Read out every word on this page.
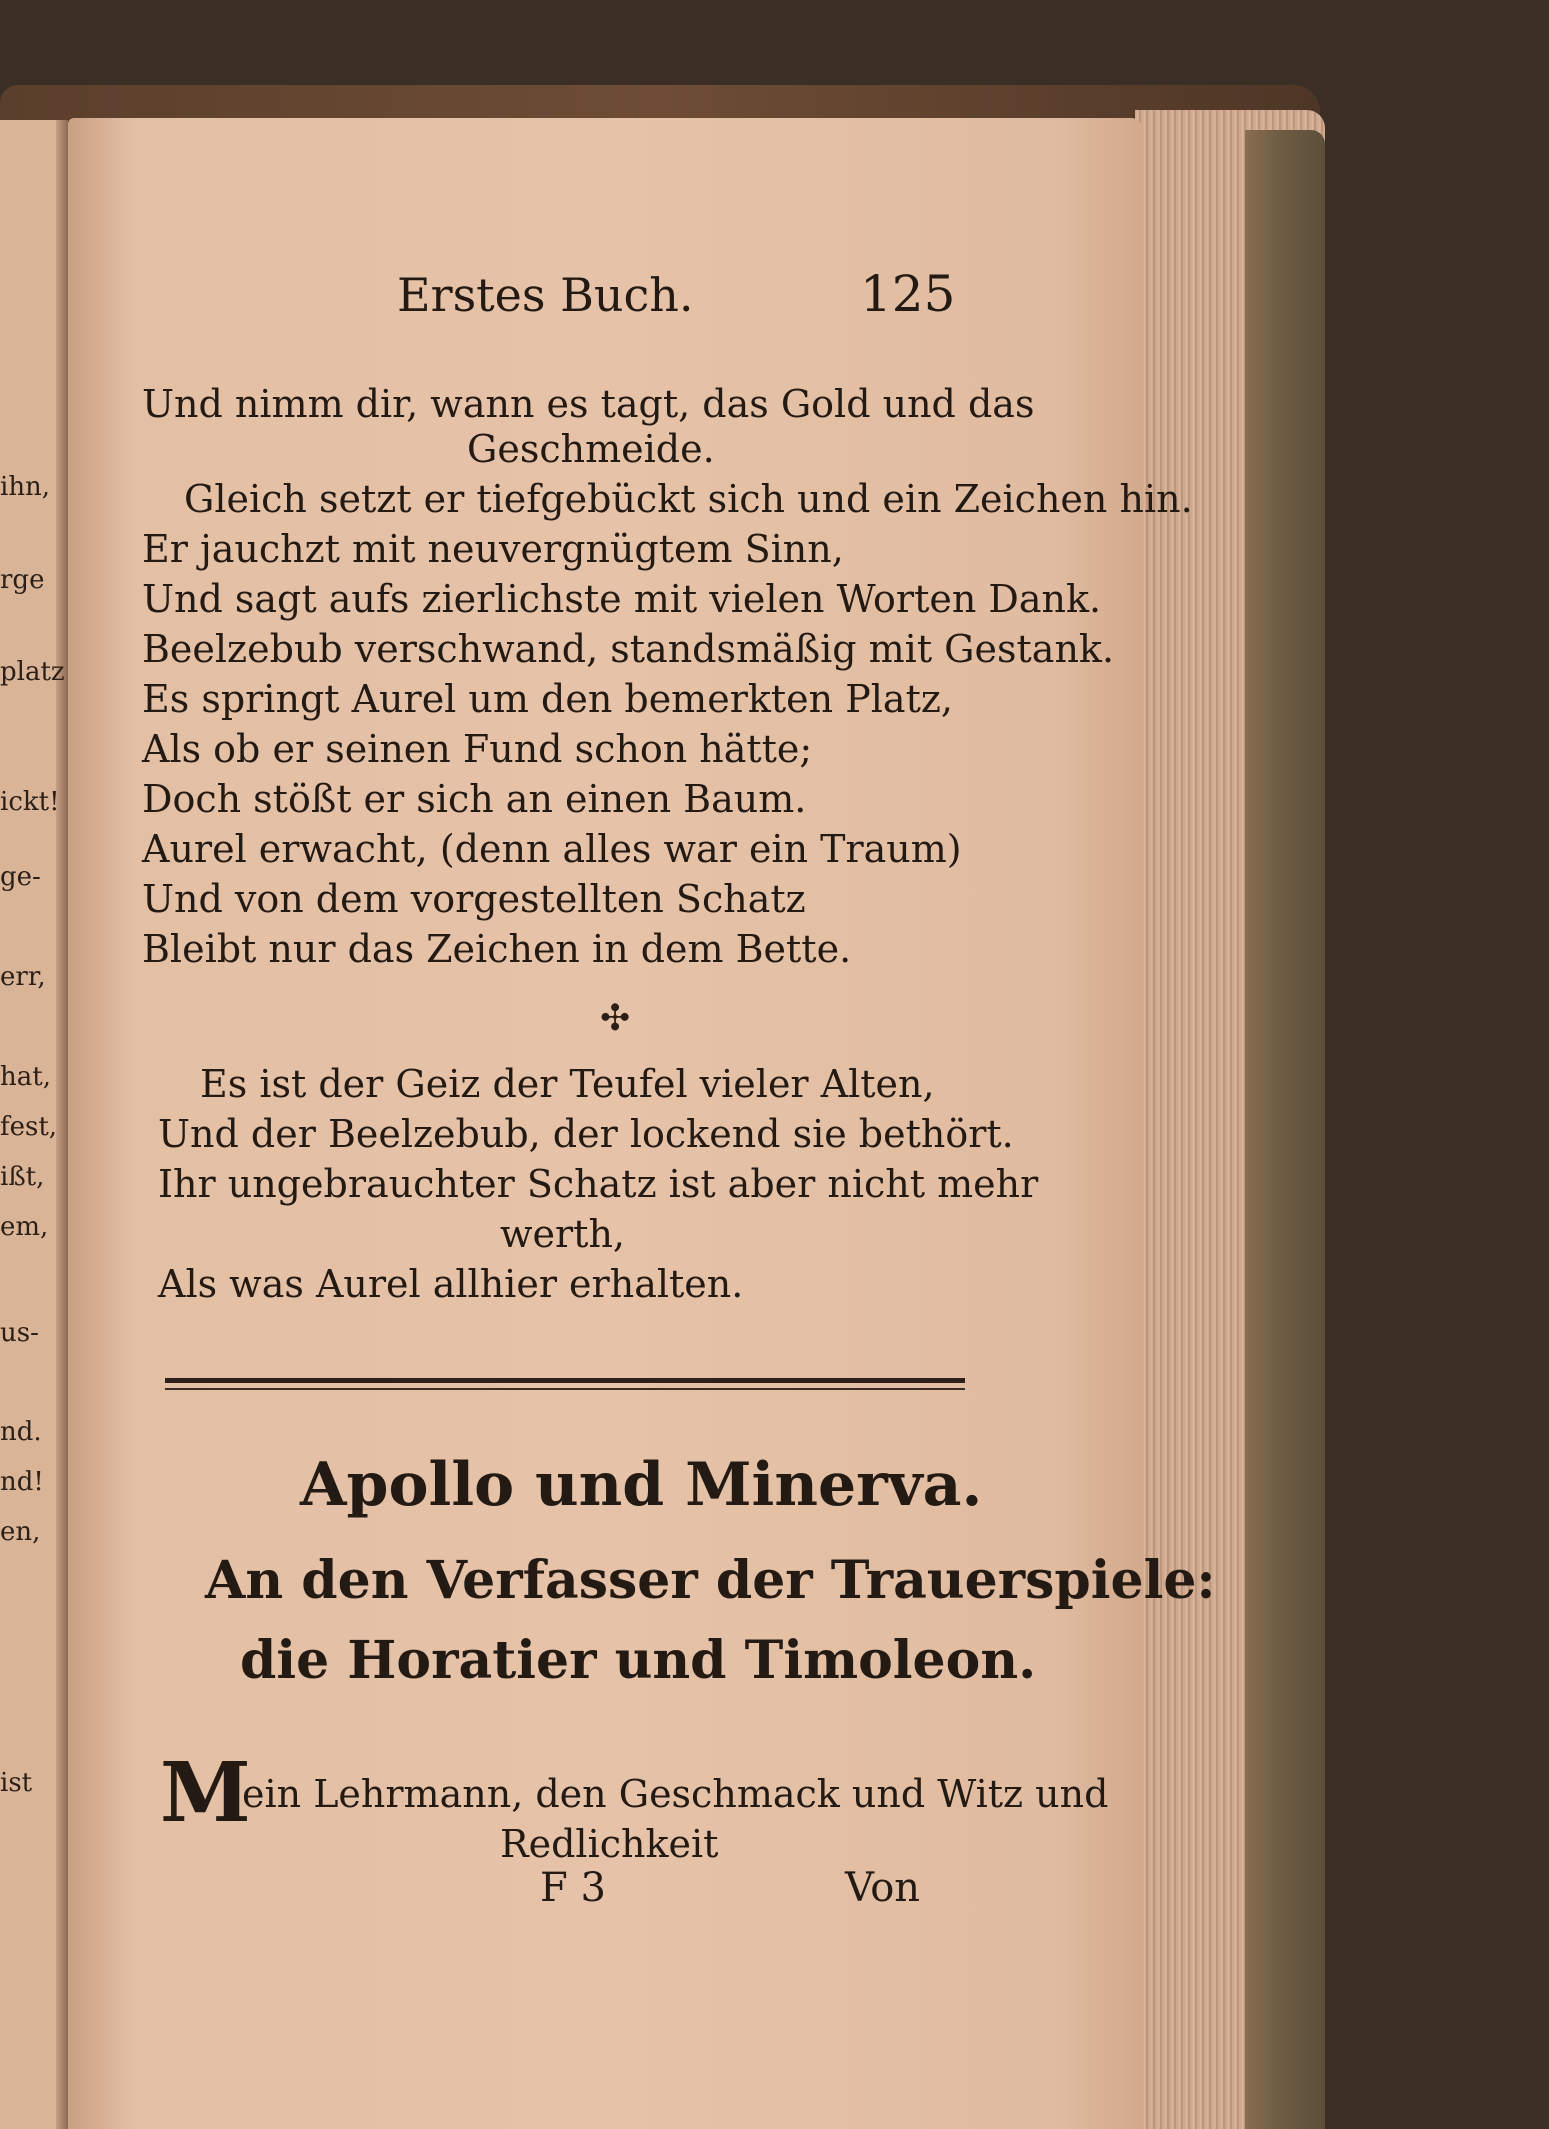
ihn,
rge
platz
ickt!
ge-
err,
hat,
fest,
ißt,
em,
us-
nd.
nd!
en,
ist
Erstes Buch.	125
Und nimm dir, wann es tagt, das Gold und das
Geschmeide.
Gleich setzt er tiefgebückt sich und ein Zeichen hin.
Er jauchzt mit neuvergnügtem Sinn,
Und sagt aufs zierlichste mit vielen Worten Dank.
Beelzebub verschwand, standsmäßig mit Gestank.
Es springt Aurel um den bemerkten Platz,
Als ob er seinen Fund schon hätte;
Doch stößt er sich an einen Baum.
Aurel erwacht, (denn alles war ein Traum)
Und von dem vorgestellten Schatz
Bleibt nur das Zeichen in dem Bette.
✣
Es ist der Geiz der Teufel vieler Alten,
Und der Beelzebub, der lockend sie bethört.
Ihr ungebrauchter Schatz ist aber nicht mehr
werth,
Als was Aurel allhier erhalten.
Apollo und Minerva.
An den Verfasser der Trauerspiele:
die Horatier und Timoleon.
M
ein Lehrmann, den Geschmack und Witz und
Redlichkeit
F 3	Von
